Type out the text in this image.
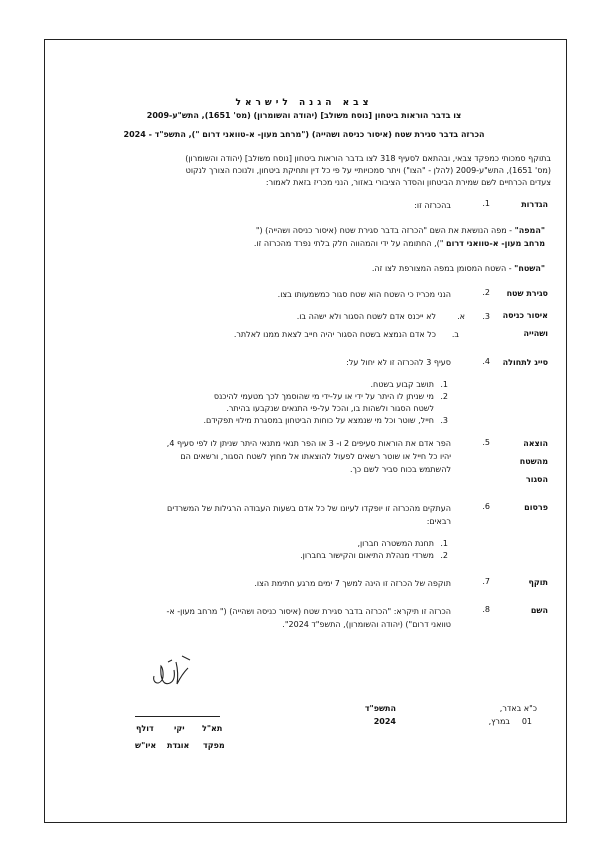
צבא הגנה לישראל
צו בדבר הוראות ביטחון [נוסח משולב] (יהודה והשומרון) (מס' 1651), התש"ע-2009
הכרזה בדבר סגירת שטח (איסור כניסה ושהייה) ("מרחב מעון- א-טוואני דרום "), התשפ"ד - 2024
בתוקף סמכותי כמפקד צבאי, ובהתאם לסעיף 318 לצו בדבר הוראות ביטחון [נוסח משולב] (יהודה והשומרון)
(מס' 1651), התש"ע-2009 (להלן - "הצו") ויתר סמכויותיי על פי כל דין ותחיקת ביטחון, ולנוכח הצורך לנקוט
צעדים הכרחיים לשם שמירת הביטחון והסדר הציבורי באזור, הנני מכריז בזאת לאמור:
הגדרות
1.
בהכרזה זו:
"המפה" - מפה הנושאת את השם "הכרזה בדבר סגירת שטח (איסור כניסה ושהייה) ("
מרחב מעון- א-טוואני דרום "), החתומה על ידי והמהווה חלק בלתי נפרד מהכרזה זו.
"השטח" - השטח המסומן במפה המצורפת לצו זה.
סגירת שטח
2.
הנני מכריז כי השטח הוא שטח סגור כמשמעותו בצו.
איסור כניסה
ושהייה
3.
א.
לא ייכנס אדם לשטח הסגור ולא ישהה בו.
ב.
כל אדם הנמצא בשטח הסגור יהיה חייב לצאת ממנו לאלתר.
סייג לתחולה
4.
סעיף 3 להכרזה זו לא יחול על:
1.
תושב קבוע בשטח.
2.
מי שניתן לו היתר על ידי או על-ידי מי שהוסמך לכך מטעמי להיכנס
לשטח הסגור ולשהות בו, והכל על-פי התנאים שנקבעו בהיתר.
3.
חייל, שוטר וכל מי שנמצא על כוחות הביטחון במסגרת מילוי תפקידם.
הוצאה
מהשטח
הסגור
5.
הפר אדם את הוראות סעיפים 2 ו- 3 או הפר תנאי מתנאי היתר שניתן לו לפי סעיף 4,
יהיו כל חייל או שוטר רשאים לפעול להוצאתו אל מחוץ לשטח הסגור, ורשאים הם
להשתמש בכוח סביר לשם כך.
פרסום
6.
העתקים מהכרזה זו יופקדו לעיונו של כל אדם בשעות העבודה הרגילות של המשרדים
רבאים:
1.
תחנת המשטרה חברון,
2.
משרדי מנהלת התיאום והקישור בחברון.
תוקף
7.
תוקפה של הכרזה זו הינה למשך 7 ימים מרגע חתימת הצו.
השם
8.
הכרזה זו תיקרא: "הכרזה בדבר סגירת שטח (איסור כניסה ושהייה) (" מרחב מעון- א-
טוואני דרום") (יהודה והשומרון), התשפ"ד 2024".
התשפ"ד	כ"א באדר,
2024	במרץ, 01
דולף	יקי תא"ל
איו"ש אוגדת מפקד
